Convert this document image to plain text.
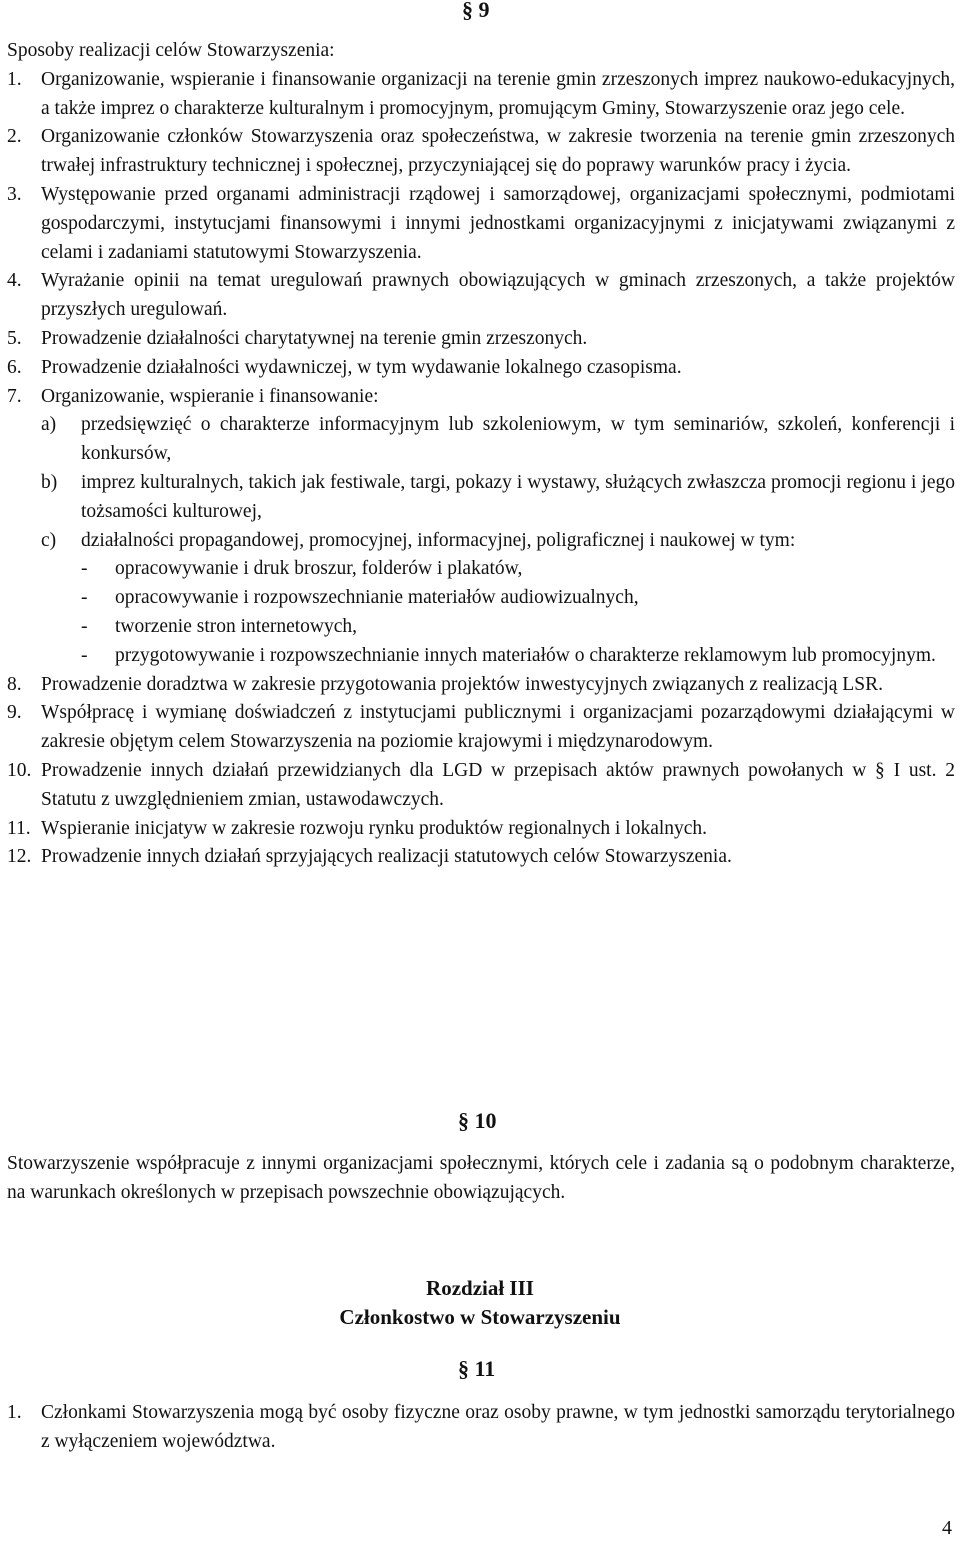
§ 9
Sposoby realizacji celów Stowarzyszenia:
1. Organizowanie, wspieranie i finansowanie organizacji na terenie gmin zrzeszonych imprez naukowo-edukacyjnych, a także imprez o charakterze kulturalnym i promocyjnym, promującym Gminy, Stowarzyszenie oraz jego cele.
2. Organizowanie członków Stowarzyszenia oraz społeczeństwa, w zakresie tworzenia na terenie gmin zrzeszonych trwałej infrastruktury technicznej i społecznej, przyczyniającej się do poprawy warunków pracy i życia.
3. Występowanie przed organami administracji rządowej i samorządowej, organizacjami społecznymi, podmiotami gospodarczymi, instytucjami finansowymi i innymi jednostkami organizacyjnymi z inicjatywami związanymi z celami i zadaniami statutowymi Stowarzyszenia.
4. Wyrażanie opinii na temat uregulowań prawnych obowiązujących w gminach zrzeszonych, a także projektów przyszłych uregulowań.
5. Prowadzenie działalności charytatywnej na terenie gmin zrzeszonych.
6. Prowadzenie działalności wydawniczej, w tym wydawanie lokalnego czasopisma.
7. Organizowanie, wspieranie i finansowanie:
a) przedsięwzięć o charakterze informacyjnym lub szkoleniowym, w tym seminariów, szkoleń, konferencji i konkursów,
b) imprez kulturalnych, takich jak festiwale, targi, pokazy i wystawy, służących zwłaszcza promocji regionu i jego tożsamości kulturowej,
c) działalności propagandowej, promocyjnej, informacyjnej, poligraficznej i naukowej w tym:
- opracowywanie i druk broszur, folderów i plakatów,
- opracowywanie i rozpowszechnianie materiałów audiowizualnych,
- tworzenie stron internetowych,
- przygotowywanie i rozpowszechnianie innych materiałów o charakterze reklamowym lub promocyjnym.
8. Prowadzenie doradztwa w zakresie przygotowania projektów inwestycyjnych związanych z realizacją LSR.
9. Współpracę i wymianę doświadczeń z instytucjami publicznymi i organizacjami pozarządowymi działającymi w zakresie objętym celem Stowarzyszenia na poziomie krajowymi i międzynarodowym.
10. Prowadzenie innych działań przewidzianych dla LGD w przepisach aktów prawnych powołanych w § I ust. 2 Statutu z uwzględnieniem zmian, ustawodawczych.
11. Wspieranie inicjatyw w zakresie rozwoju rynku produktów regionalnych i lokalnych.
12. Prowadzenie innych działań sprzyjających realizacji statutowych celów Stowarzyszenia.
§ 10
Stowarzyszenie współpracuje z innymi organizacjami społecznymi, których cele i zadania są o podobnym charakterze, na warunkach określonych w przepisach powszechnie obowiązujących.
Rozdział III
Członkostwo w Stowarzyszeniu
§ 11
1. Członkami Stowarzyszenia mogą być osoby fizyczne oraz osoby prawne, w tym jednostki samorządu terytorialnego z wyłączeniem województwa.
4
